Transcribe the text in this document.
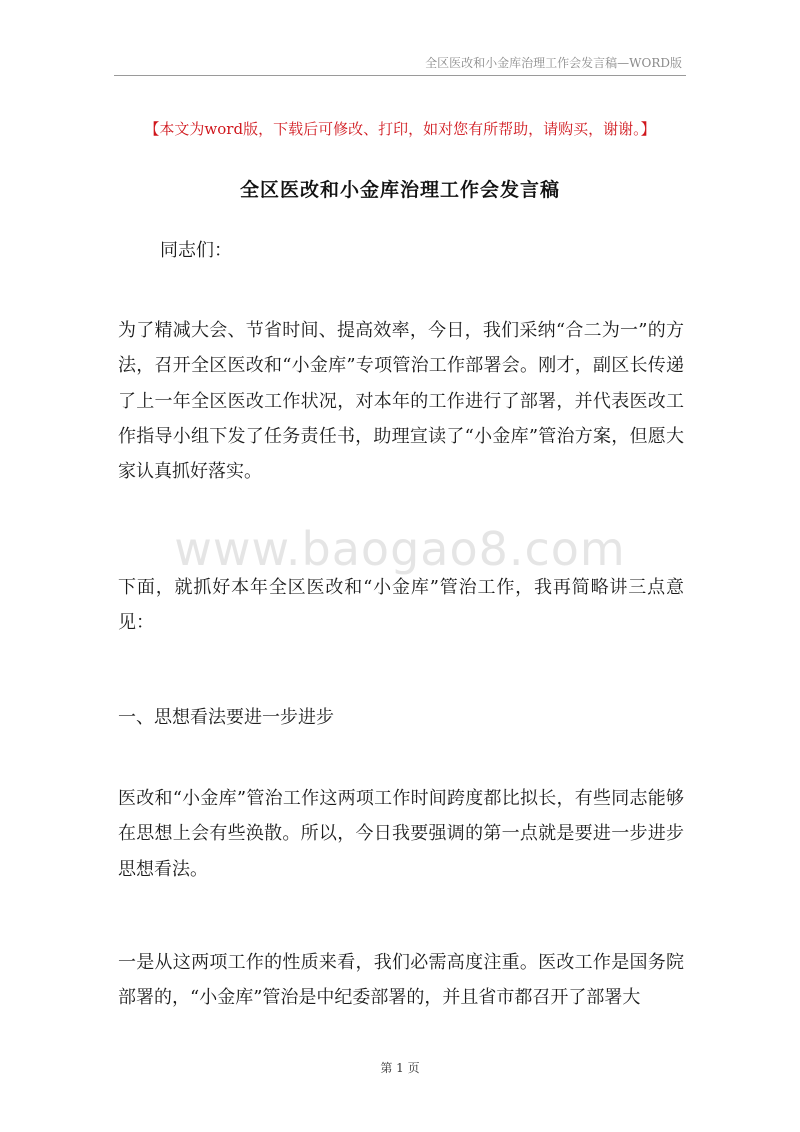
全区医改和小金库治理工作会发言稿—WORD版
【本文为word版，下载后可修改、打印，如对您有所帮助，请购买，谢谢。】
全区医改和小金库治理工作会发言稿

同志们：

为了精减大会、节省时间、提高效率，今日，我们采纳“合二为一”的方法，召开全区医改和“小金库”专项管治工作部署会。刚才，副区长传递了上一年全区医改工作状况，对本年的工作进行了部署，并代表医改工作指导小组下发了任务责任书，助理宣读了“小金库”管治方案，但愿大家认真抓好落实。

www.baogao8.com

下面，就抓好本年全区医改和“小金库”管治工作，我再简略讲三点意见：

一、思想看法要进一步进步

医改和“小金库”管治工作这两项工作时间跨度都比拟长，有些同志能够在思想上会有些涣散。所以，今日我要强调的第一点就是要进一步进步思想看法。

一是从这两项工作的性质来看，我们必需高度注重。医改工作是国务院部署的，“小金库”管治是中纪委部署的，并且省市都召开了部署大

第 1 页
